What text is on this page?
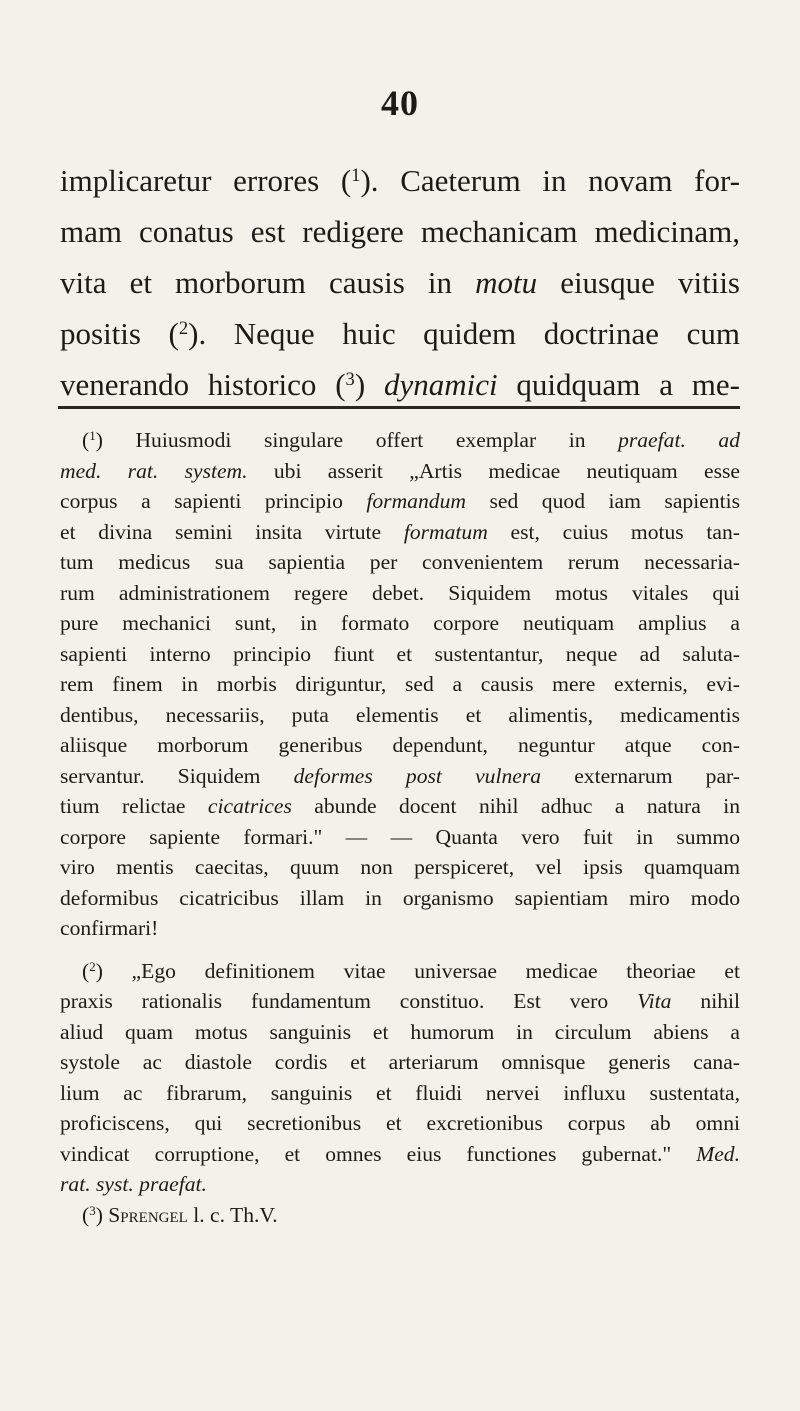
40
implicaretur errores ($^1$). Caeterum in novam for-
mam conatus est redigere mechanicam medicinam,
vita et morborum causis in motu eiusque vitiis
positis ($^2$). Neque huic quidem doctrinae cum
venerando historico ($^3$) dynamici quidquam a me-
($^1$) Huiusmodi singulare offert exemplar in praefat. ad
med. rat. system. ubi asserit „Artis medicae neutiquam esse
corpus a sapienti principio formandum sed quod iam sapientis
et divina semini insita virtute formatum est, cuius motus tan-
tum medicus sua sapientia per convenientem rerum necessaria-
rum administrationem regere debet. Siquidem motus vitales qui
pure mechanici sunt, in formato corpore neutiquam amplius a
sapienti interno principio fiunt et sustentantur, neque ad saluta-
rem finem in morbis diriguntur, sed a causis mere externis, evi-
dentibus, necessariis, puta elementis et alimentis, medicamentis
aliisque morborum generibus dependunt, neguntur atque con-
servantur. Siquidem deformes post vulnera externarum par-
tium relictae cicatrices abunde docent nihil adhuc a natura in
corpore sapiente formari." — — Quanta vero fuit in summo
viro mentis caecitas, quum non perspiceret, vel ipsis quamquam
deformibus cicatricibus illam in organismo sapientiam miro modo
confirmari!
($^2$) „Ego definitionem vitae universae medicae theoriae et
praxis rationalis fundamentum constituo. Est vero Vita nihil
aliud quam motus sanguinis et humorum in circulum abiens a
systole ac diastole cordis et arteriarum omnisque generis cana-
lium ac fibrarum, sanguinis et fluidi nervei influxu sustentata,
proficiscens, qui secretionibus et excretionibus corpus ab omni
vindicat corruptione, et omnes eius functiones gubernat." Med.
rat. syst. praefat.
($^3$) Sprengel l. c. Th.V.
